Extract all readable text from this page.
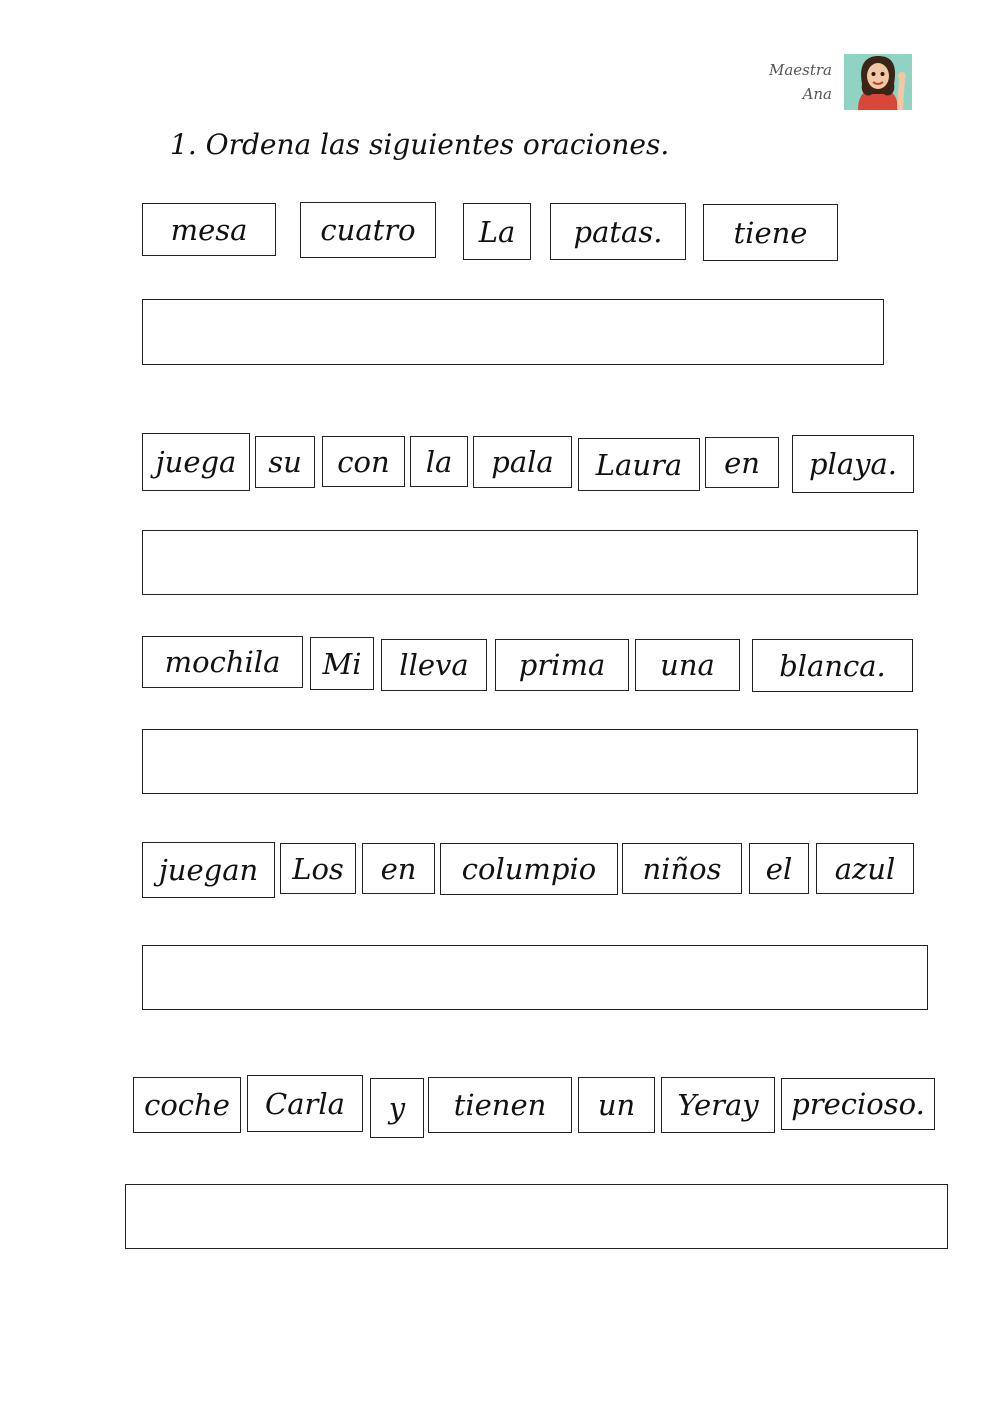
Maestra
Ana
1. Ordena las siguientes oraciones.
mesa	cuatro	La	patas.	tiene
juega	su	con	la	pala	Laura	en	playa.
mochila	Mi	lleva	prima	una	blanca.
juegan	Los	en	columpio	niños	el	azul
coche	Carla	y	tienen	un	Yeray	precioso.
